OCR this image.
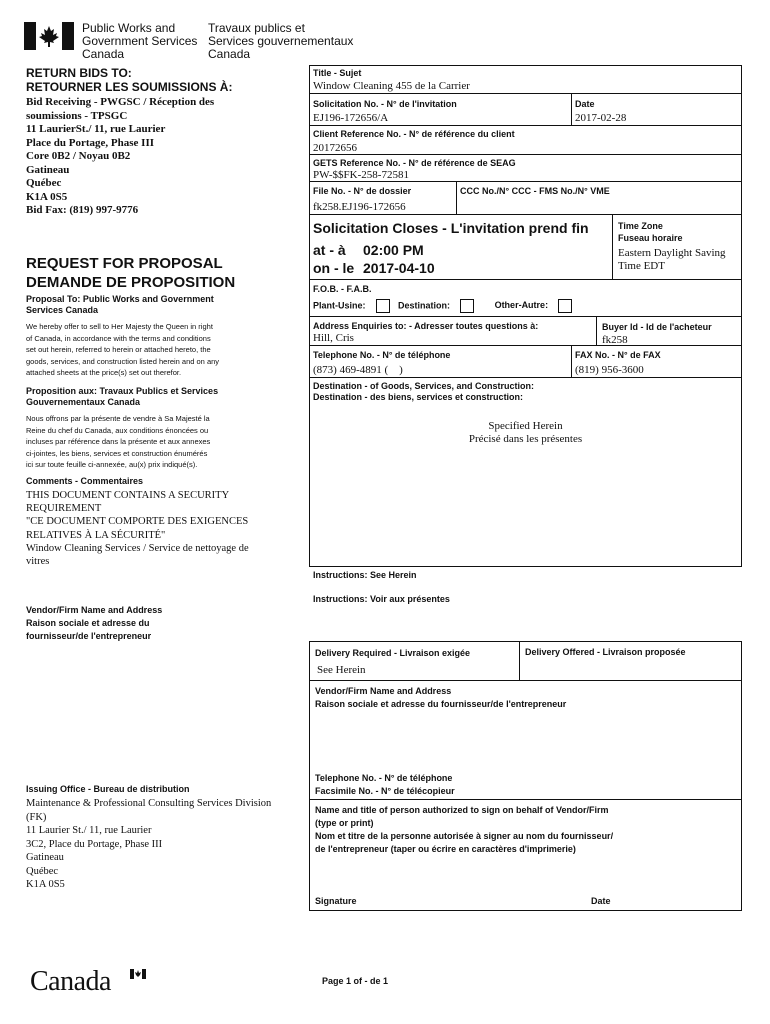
Public Works and
Government Services
Canada
Travaux publics et
Services gouvernementaux
Canada
RETURN BIDS TO:
RETOURNER LES SOUMISSIONS À:
Bid Receiving - PWGSC / Réception des
soumissions - TPSGC
11 LaurierSt./ 11, rue Laurier
Place du Portage, Phase III
Core 0B2 / Noyau 0B2
Gatineau
Québec
K1A 0S5
Bid Fax: (819) 997-9776
REQUEST FOR PROPOSAL
DEMANDE DE PROPOSITION
Proposal To: Public Works and Government
Services Canada
We hereby offer to sell to Her Majesty the Queen in right
of Canada, in accordance with the terms and conditions
set out herein, referred to herein or attached hereto, the
goods, services, and construction listed herein and on any
attached sheets at the price(s) set out therefor.
Proposition aux: Travaux Publics et Services
Gouvernementaux Canada
Nous offrons par la présente de vendre à Sa Majesté la
Reine du chef du Canada, aux conditions énoncées ou
incluses par référence dans la présente et aux annexes
ci-jointes, les biens, services et construction énumérés
ici sur toute feuille ci-annexée, au(x) prix indiqué(s).
Comments - Commentaires
THIS DOCUMENT CONTAINS A SECURITY
REQUIREMENT
"CE DOCUMENT COMPORTE DES EXIGENCES
RELATIVES À LA SÉCURITÉ"
Window Cleaning Services / Service de nettoyage de
vitres
Vendor/Firm Name and Address
Raison sociale et adresse du
fournisseur/de l'entrepreneur
Issuing Office - Bureau de distribution
Maintenance & Professional Consulting Services Division
(FK)
11 Laurier St./ 11, rue Laurier
3C2, Place du Portage, Phase III
Gatineau
Québec
K1A 0S5
Title - Sujet
Window Cleaning 455 de la Carrier
Solicitation No. - N° de l'invitation
EJ196-172656/A
Date
2017-02-28
Client Reference No. - N° de référence du client
20172656
GETS Reference No. - N° de référence de SEAG
PW-$$FK-258-72581
File No. - N° de dossier
fk258.EJ196-172656
CCC No./N° CCC - FMS No./N° VME
Solicitation Closes - L'invitation prend fin
at - à 02:00 PM
on - le 2017-04-10
Time Zone
Fuseau horaire
Eastern Daylight Saving
Time EDT
F.O.B. - F.A.B.
Plant-Usine:	Destination:	Other-Autre:
Address Enquiries to: - Adresser toutes questions à:
Hill, Cris
Buyer Id - Id de l'acheteur
fk258
Telephone No. - N° de téléphone
(873) 469-4891 (    )
FAX No. - N° de FAX
(819) 956-3600
Destination - of Goods, Services, and Construction:
Destination - des biens, services et construction:
Specified Herein
Précisé dans les présentes
Instructions: See Herein
Instructions: Voir aux présentes
Delivery Required - Livraison exigée
See Herein
Delivery Offered - Livraison proposée
Vendor/Firm Name and Address
Raison sociale et adresse du fournisseur/de l'entrepreneur
Telephone No. - N° de téléphone
Facsimile No. - N° de télécopieur
Name and title of person authorized to sign on behalf of Vendor/Firm
(type or print)
Nom et titre de la personne autorisée à signer au nom du fournisseur/
de l'entrepreneur (taper ou écrire en caractères d'imprimerie)
Signature	Date
Page 1 of - de 1
Canada
